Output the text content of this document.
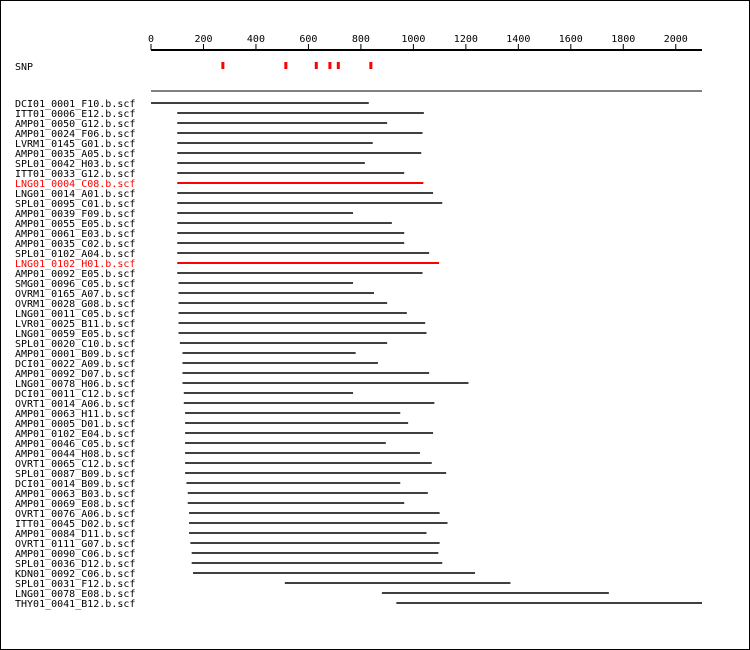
0	200	400	600	800	1000	1200	1400	1600	1800	2000
SNP
DCI01_0001_F10.b.scf
ITT01_0006_E12.b.scf
AMP01_0050_G12.b.scf
AMP01_0024_F06.b.scf
LVRM1_0145_G01.b.scf
AMP01_0035_A05.b.scf
SPL01_0042_H03.b.scf
ITT01_0033_G12.b.scf
LNG01_0004_C08.b.scf
LNG01_0014_A01.b.scf
SPL01_0095_C01.b.scf
AMP01_0039_F09.b.scf
AMP01_0055_E05.b.scf
AMP01_0061_E03.b.scf
AMP01_0035_C02.b.scf
SPL01_0102_A04.b.scf
LNG01_0102_H01.b.scf
AMP01_0092_E05.b.scf
SMG01_0096_C05.b.scf
OVRM1_0165_A07.b.scf
OVRM1_0028_G08.b.scf
LNG01_0011_C05.b.scf
LVR01_0025_B11.b.scf
LNG01_0059_E05.b.scf
SPL01_0020_C10.b.scf
AMP01_0001_B09.b.scf
DCI01_0022_A09.b.scf
AMP01_0092_D07.b.scf
LNG01_0078_H06.b.scf
DCI01_0011_C12.b.scf
OVRT1_0014_A06.b.scf
AMP01_0063_H11.b.scf
AMP01_0005_D01.b.scf
AMP01_0102_E04.b.scf
AMP01_0046_C05.b.scf
AMP01_0044_H08.b.scf
OVRT1_0065_C12.b.scf
SPL01_0087_B09.b.scf
DCI01_0014_B09.b.scf
AMP01_0063_B03.b.scf
AMP01_0069_E08.b.scf
OVRT1_0076_A06.b.scf
ITT01_0045_D02.b.scf
AMP01_0084_D11.b.scf
OVRT1_0111_G07.b.scf
AMP01_0090_C06.b.scf
SPL01_0036_D12.b.scf
KDN01_0092_C06.b.scf
SPL01_0031_F12.b.scf
LNG01_0078_E08.b.scf
THY01_0041_B12.b.scf
